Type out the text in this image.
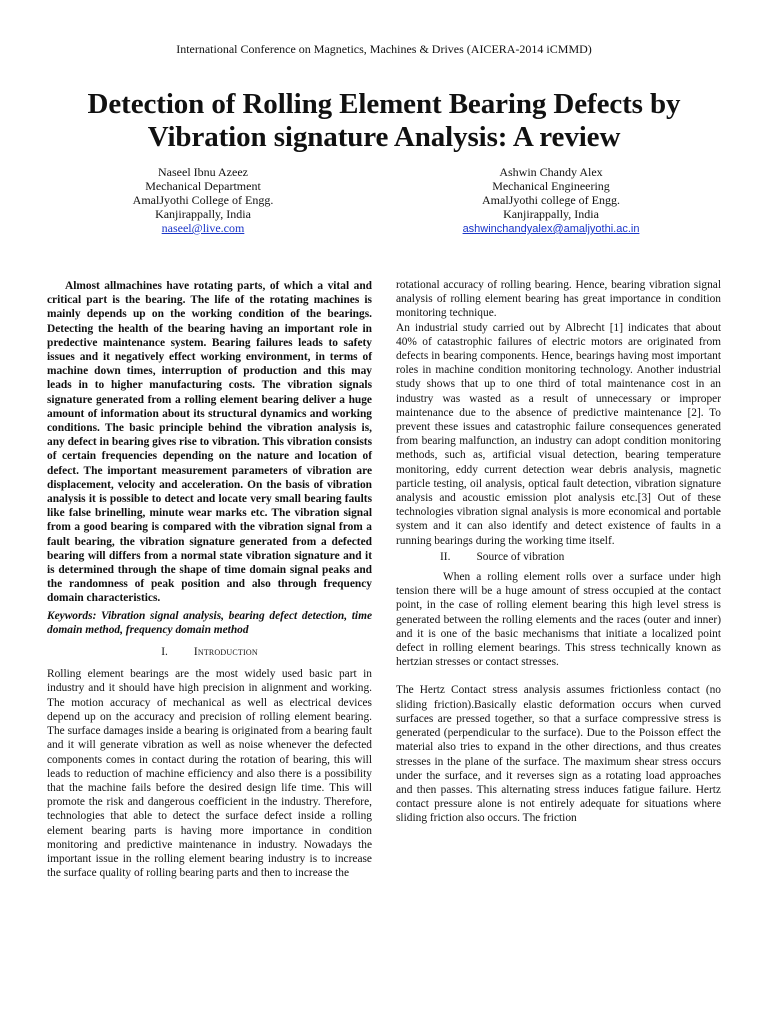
International Conference on Magnetics, Machines & Drives (AICERA-2014 iCMMD)
Detection of Rolling Element Bearing Defects by Vibration signature Analysis: A review
Naseel Ibnu Azeez
Mechanical Department
AmalJyothi College of Engg.
Kanjirappally, India
naseel@live.com
Ashwin Chandy Alex
Mechanical Engineering
AmalJyothi college of Engg.
Kanjirappally, India
ashwinchandyalex@amaljyothi.ac.in

Almost allmachines have rotating parts, of which a vital and critical part is the bearing. The life of the rotating machines is mainly depends up on the working condition of the bearings. Detecting the health of the bearing having an important role in predective maintenance system. Bearing failures leads to safety issues and it negatively effect working environment, in terms of machine down times, interruption of production and this may leads in to higher manufacturing costs. The vibration signals signature generated from a rolling element bearing deliver a huge amount of information about its structural dynamics and working conditions. The basic principle behind the vibration analysis is, any defect in bearing gives rise to vibration. This vibration consists of certain frequencies depending on the nature and location of defect. The important measurement parameters of vibration are displacement, velocity and acceleration. On the basis of vibration analysis it is possible to detect and locate very small bearing faults like false brinelling, minute wear marks etc. The vibration signal from a good bearing is compared with the vibration signal from a fault bearing, the vibration signature generated from a defected bearing will differs from a normal state vibration signature and it is determined through the shape of time domain signal peaks and the randomness of peak position and also through frequency domain characteristics.

Keywords: Vibration signal analysis, bearing defect detection, time domain method, frequency domain method

I. Introduction

Rolling element bearings are the most widely used basic part in industry and it should have high precision in alignment and working. The motion accuracy of mechanical as well as electrical devices depend up on the accuracy and precision of rolling element bearing. The surface damages inside a bearing is originated from a bearing fault and it will generate vibration as well as noise whenever the defected components comes in contact during the rotation of bearing, this will leads to reduction of machine efficiency and also there is a possibility that the machine fails before the desired design life time. This will promote the risk and dangerous coefficient in the industry. Therefore, technologies that able to detect the surface defect inside a rolling element bearing parts is having more importance in condition monitoring and predictive maintenance in industry. Nowadays the important issue in the rolling element bearing industry is to increase the surface quality of rolling bearing parts and then to increase the

rotational accuracy of rolling bearing. Hence, bearing vibration signal analysis of rolling element bearing has great importance in condition monitoring technique.

An industrial study carried out by Albrecht [1] indicates that about 40% of catastrophic failures of electric motors are originated from defects in bearing components. Hence, bearings having most important roles in machine condition monitoring technology. Another industrial study shows that up to one third of total maintenance cost in an industry was wasted as a result of unnecessary or improper maintenance due to the absence of predictive maintenance [2]. To prevent these issues and catastrophic failure consequences generated from bearing malfunction, an industry can adopt condition monitoring methods, such as, artificial visual detection, bearing temperature monitoring, eddy current detection wear debris analysis, magnetic particle testing, oil analysis, optical fault detection, vibration signature analysis and acoustic emission plot analysis etc.[3] Out of these technologies vibration signal analysis is more economical and portable system and it can also identify and detect existence of faults in a running bearings during the working time itself.

II. Source of vibration

When a rolling element rolls over a surface under high tension there will be a huge amount of stress occupied at the contact point, in the case of rolling element bearing this high level stress is generated between the rolling elements and the races (outer and inner) and it is one of the basic mechanisms that initiate a localized point defect in rolling element bearings. This stress technically known as hertzian stresses or contact stresses.

The Hertz Contact stress analysis assumes frictionless contact (no sliding friction).Basically elastic deformation occurs when curved surfaces are pressed together, so that a surface compressive stress is generated (perpendicular to the surface). Due to the Poisson effect the material also tries to expand in the other directions, and thus creates stresses in the plane of the surface. The maximum shear stress occurs under the surface, and it reverses sign as a rotating load approaches and then passes. This alternating stress induces fatigue failure. Hertz contact pressure alone is not entirely adequate for situations where sliding friction also occurs. The friction
